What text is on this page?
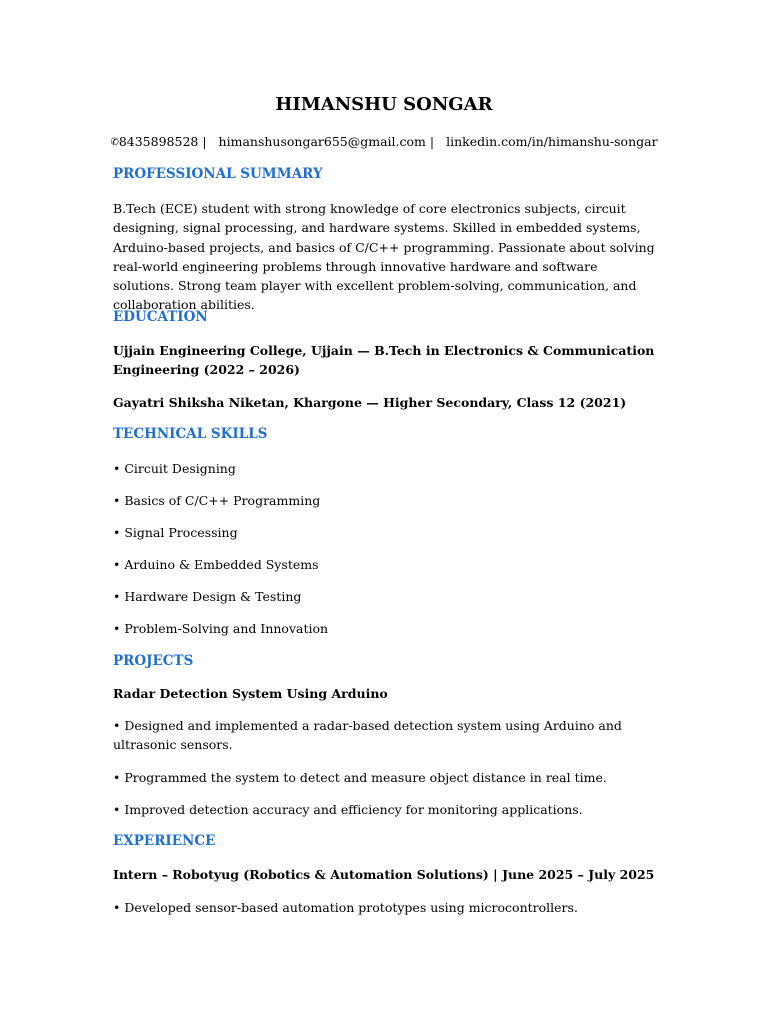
HIMANSHU SONGAR
✆8435898528 | himanshusongar655@gmail.com | linkedin.com/in/himanshu-songar
PROFESSIONAL SUMMARY

B.Tech (ECE) student with strong knowledge of core electronics subjects, circuit designing, signal processing, and hardware systems. Skilled in embedded systems, Arduino-based projects, and basics of C/C++ programming. Passionate about solving real-world engineering problems through innovative hardware and software solutions. Strong team player with excellent problem-solving, communication, and collaboration abilities.

EDUCATION

Ujjain Engineering College, Ujjain — B.Tech in Electronics & Communication Engineering (2022 – 2026)

Gayatri Shiksha Niketan, Khargone — Higher Secondary, Class 12 (2021)

TECHNICAL SKILLS

• Circuit Designing

• Basics of C/C++ Programming

• Signal Processing

• Arduino & Embedded Systems

• Hardware Design & Testing

• Problem-Solving and Innovation

PROJECTS

Radar Detection System Using Arduino

• Designed and implemented a radar-based detection system using Arduino and ultrasonic sensors.

• Programmed the system to detect and measure object distance in real time.

• Improved detection accuracy and efficiency for monitoring applications.

EXPERIENCE

Intern – Robotyug (Robotics & Automation Solutions) | June 2025 – July 2025

• Developed sensor-based automation prototypes using microcontrollers.
